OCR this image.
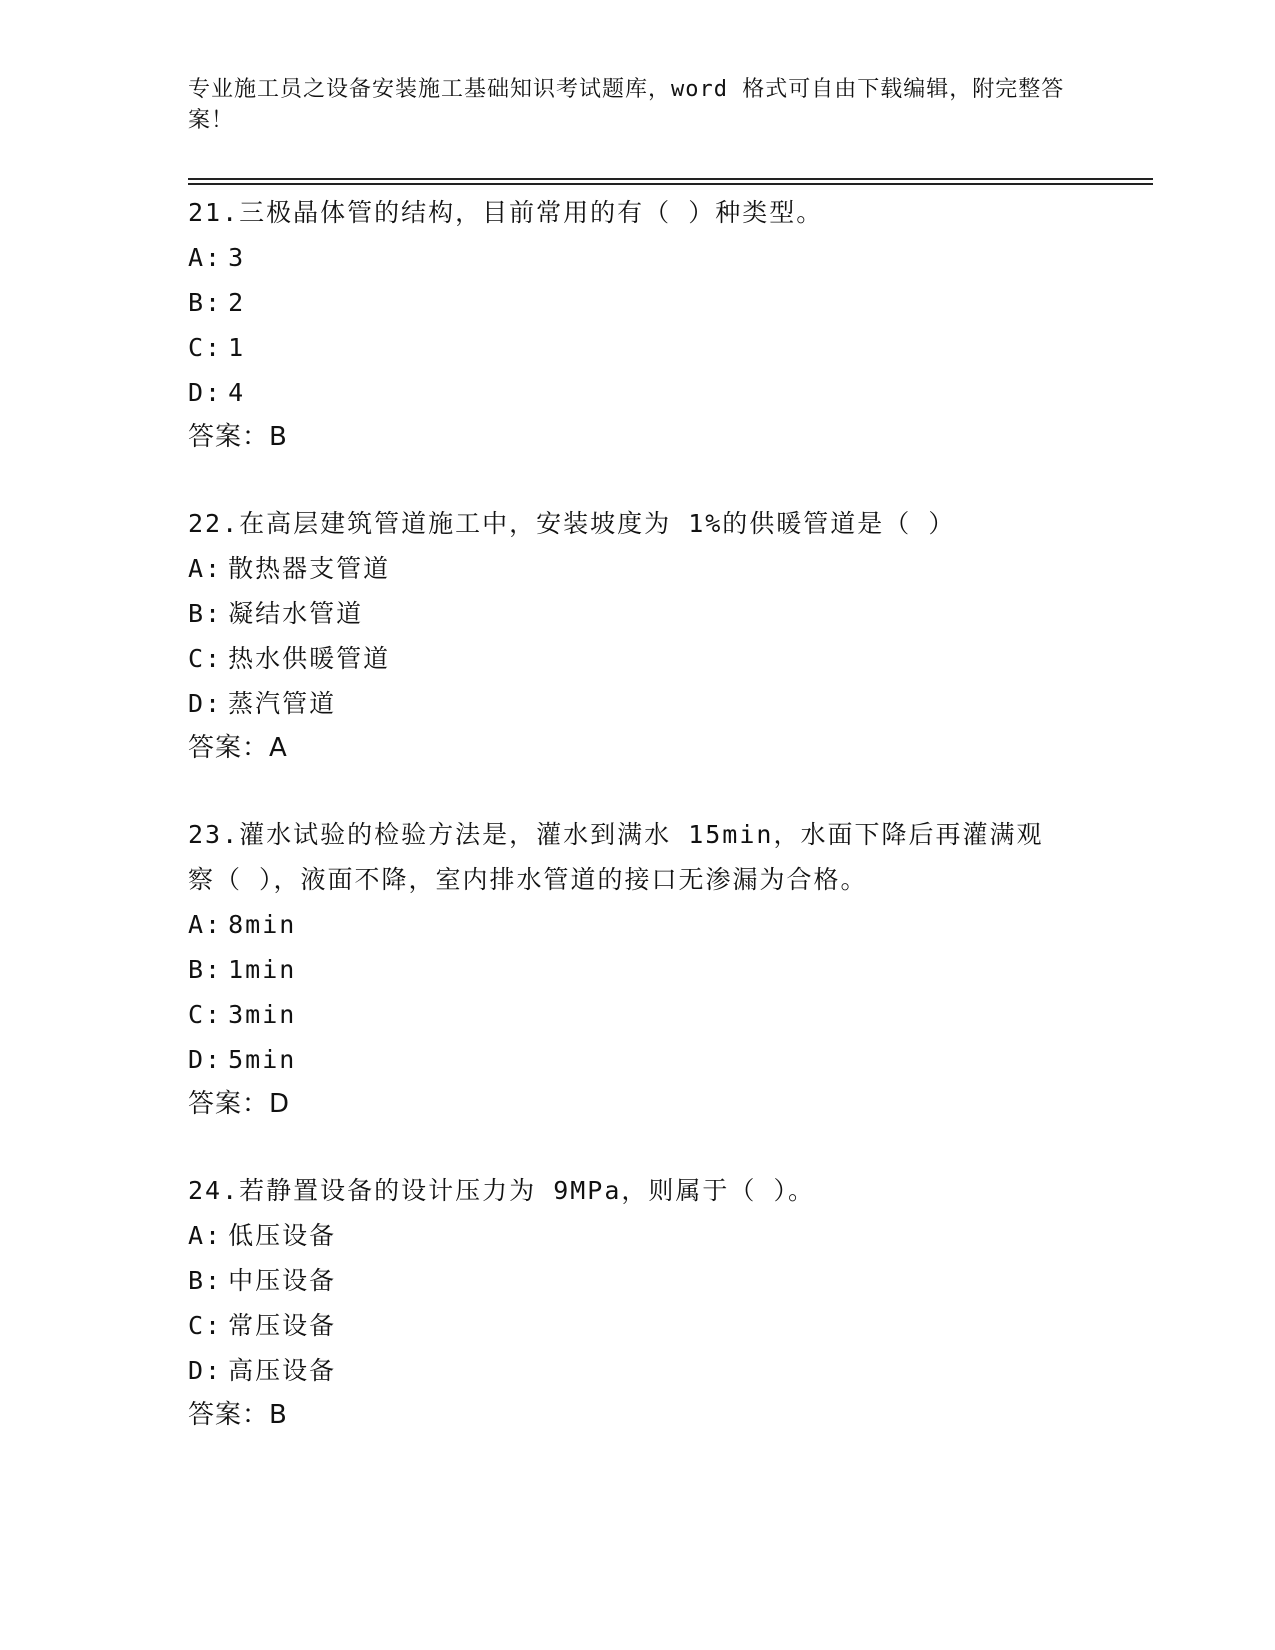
专业施工员之设备安装施工基础知识考试题库，word 格式可自由下载编辑，附完整答案！

21.三极晶体管的结构，目前常用的有（ ）种类型。

A: 3

B: 2

C: 1

D: 4

答案：B

22.在高层建筑管道施工中，安装坡度为 1%的供暖管道是（ ）

A: 散热器支管道

B: 凝结水管道

C: 热水供暖管道

D: 蒸汽管道

答案：A

23.灌水试验的检验方法是，灌水到满水 15min，水面下降后再灌满观察（ ），液面不降，室内排水管道的接口无渗漏为合格。

A: 8min

B: 1min

C: 3min

D: 5min

答案：D

24.若静置设备的设计压力为 9MPa，则属于（ ）。

A: 低压设备

B: 中压设备

C: 常压设备

D: 高压设备

答案：B
